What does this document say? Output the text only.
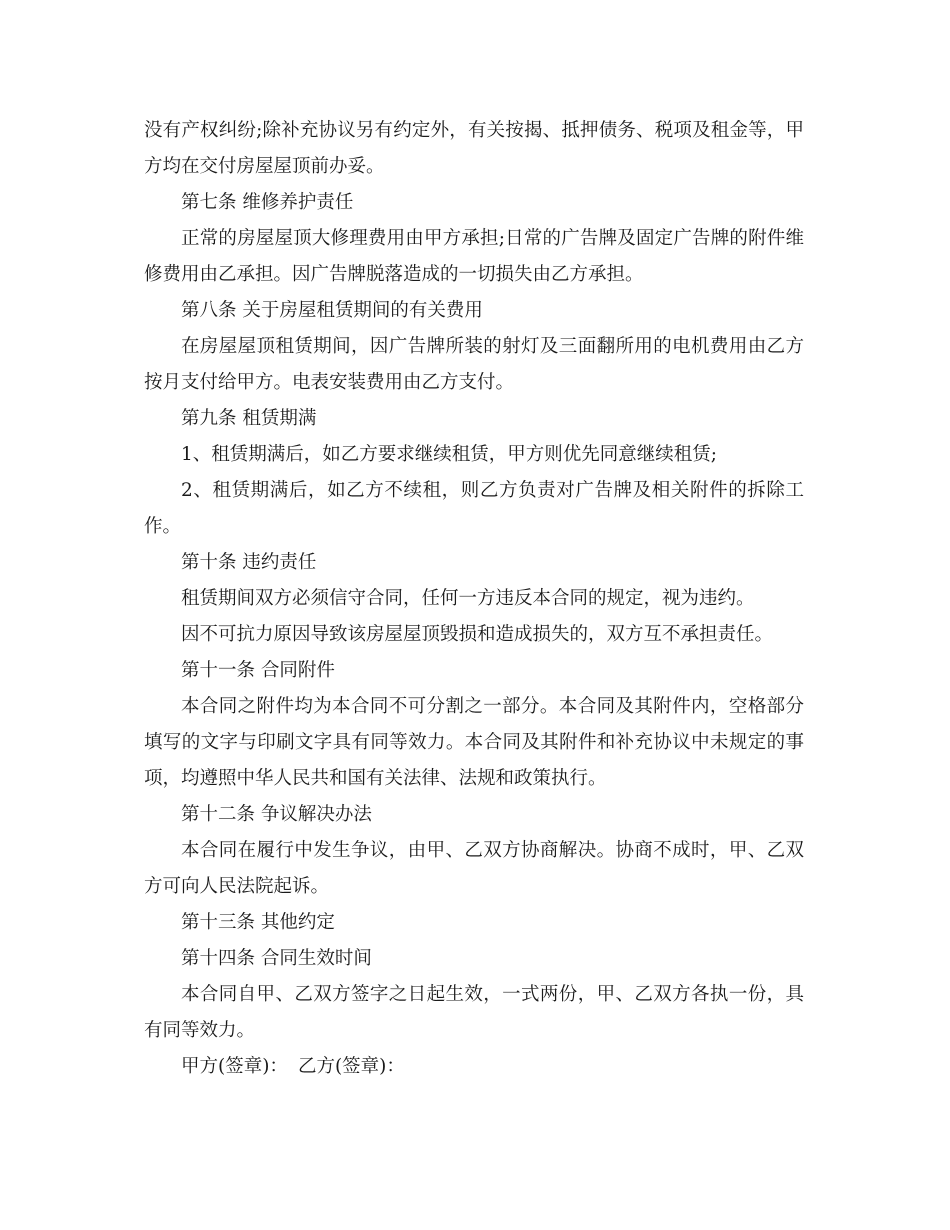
没有产权纠纷;除补充协议另有约定外，有关按揭、抵押债务、税项及租金等，甲方均在交付房屋屋顶前办妥。

第七条 维修养护责任

正常的房屋屋顶大修理费用由甲方承担;日常的广告牌及固定广告牌的附件维修费用由乙承担。因广告牌脱落造成的一切损失由乙方承担。

第八条 关于房屋租赁期间的有关费用

在房屋屋顶租赁期间，因广告牌所装的射灯及三面翻所用的电机费用由乙方按月支付给甲方。电表安装费用由乙方支付。

第九条 租赁期满

1、租赁期满后，如乙方要求继续租赁，甲方则优先同意继续租赁;

2、租赁期满后，如乙方不续租，则乙方负责对广告牌及相关附件的拆除工作。

第十条 违约责任

租赁期间双方必须信守合同，任何一方违反本合同的规定，视为违约。

因不可抗力原因导致该房屋屋顶毁损和造成损失的，双方互不承担责任。

第十一条 合同附件

本合同之附件均为本合同不可分割之一部分。本合同及其附件内，空格部分填写的文字与印刷文字具有同等效力。本合同及其附件和补充协议中未规定的事项，均遵照中华人民共和国有关法律、法规和政策执行。

第十二条 争议解决办法

本合同在履行中发生争议，由甲、乙双方协商解决。协商不成时，甲、乙双方可向人民法院起诉。

第十三条 其他约定

第十四条 合同生效时间

本合同自甲、乙双方签字之日起生效，一式两份，甲、乙双方各执一份，具有同等效力。

甲方(签章)： 乙方(签章)：
